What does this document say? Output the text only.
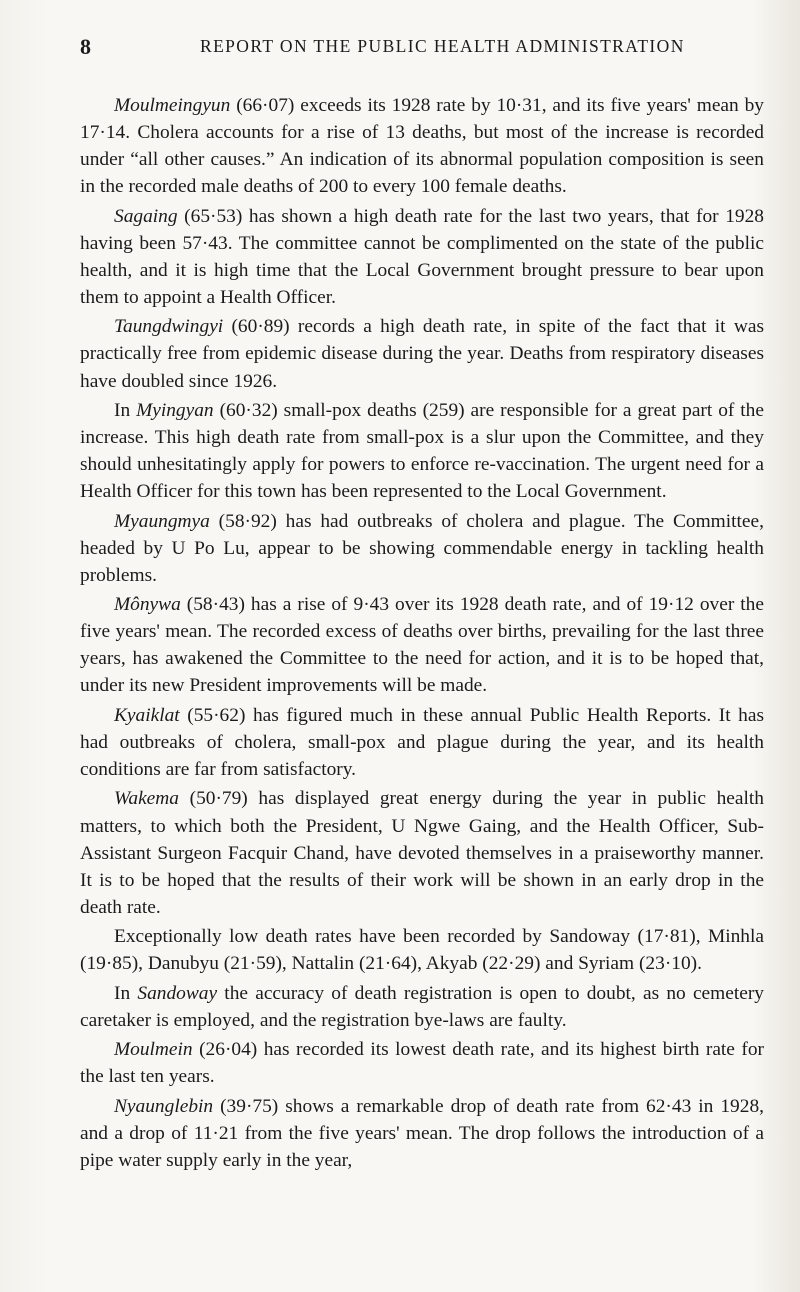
8	REPORT ON THE PUBLIC HEALTH ADMINISTRATION

Moulmeingyun (66·07) exceeds its 1928 rate by 10·31, and its five years' mean by 17·14. Cholera accounts for a rise of 13 deaths, but most of the increase is recorded under “all other causes.” An indication of its abnormal population composition is seen in the recorded male deaths of 200 to every 100 female deaths.

Sagaing (65·53) has shown a high death rate for the last two years, that for 1928 having been 57·43. The committee cannot be complimented on the state of the public health, and it is high time that the Local Government brought pressure to bear upon them to appoint a Health Officer.

Taungdwingyi (60·89) records a high death rate, in spite of the fact that it was practically free from epidemic disease during the year. Deaths from respiratory diseases have doubled since 1926.

In Myingyan (60·32) small-pox deaths (259) are responsible for a great part of the increase. This high death rate from small-pox is a slur upon the Committee, and they should unhesitatingly apply for powers to enforce re-vaccination. The urgent need for a Health Officer for this town has been represented to the Local Government.

Myaungmya (58·92) has had outbreaks of cholera and plague. The Committee, headed by U Po Lu, appear to be showing commendable energy in tackling health problems.

Mônywa (58·43) has a rise of 9·43 over its 1928 death rate, and of 19·12 over the five years' mean. The recorded excess of deaths over births, prevailing for the last three years, has awakened the Committee to the need for action, and it is to be hoped that, under its new President improvements will be made.

Kyaiklat (55·62) has figured much in these annual Public Health Reports. It has had outbreaks of cholera, small-pox and plague during the year, and its health conditions are far from satisfactory.

Wakema (50·79) has displayed great energy during the year in public health matters, to which both the President, U Ngwe Gaing, and the Health Officer, Sub-Assistant Surgeon Facquir Chand, have devoted themselves in a praiseworthy manner. It is to be hoped that the results of their work will be shown in an early drop in the death rate.

Exceptionally low death rates have been recorded by Sandoway (17·81), Minhla (19·85), Danubyu (21·59), Nattalin (21·64), Akyab (22·29) and Syriam (23·10).

In Sandoway the accuracy of death registration is open to doubt, as no cemetery caretaker is employed, and the registration bye-laws are faulty.

Moulmein (26·04) has recorded its lowest death rate, and its highest birth rate for the last ten years.

Nyaunglebin (39·75) shows a remarkable drop of death rate from 62·43 in 1928, and a drop of 11·21 from the five years' mean. The drop follows the introduction of a pipe water supply early in the year,
